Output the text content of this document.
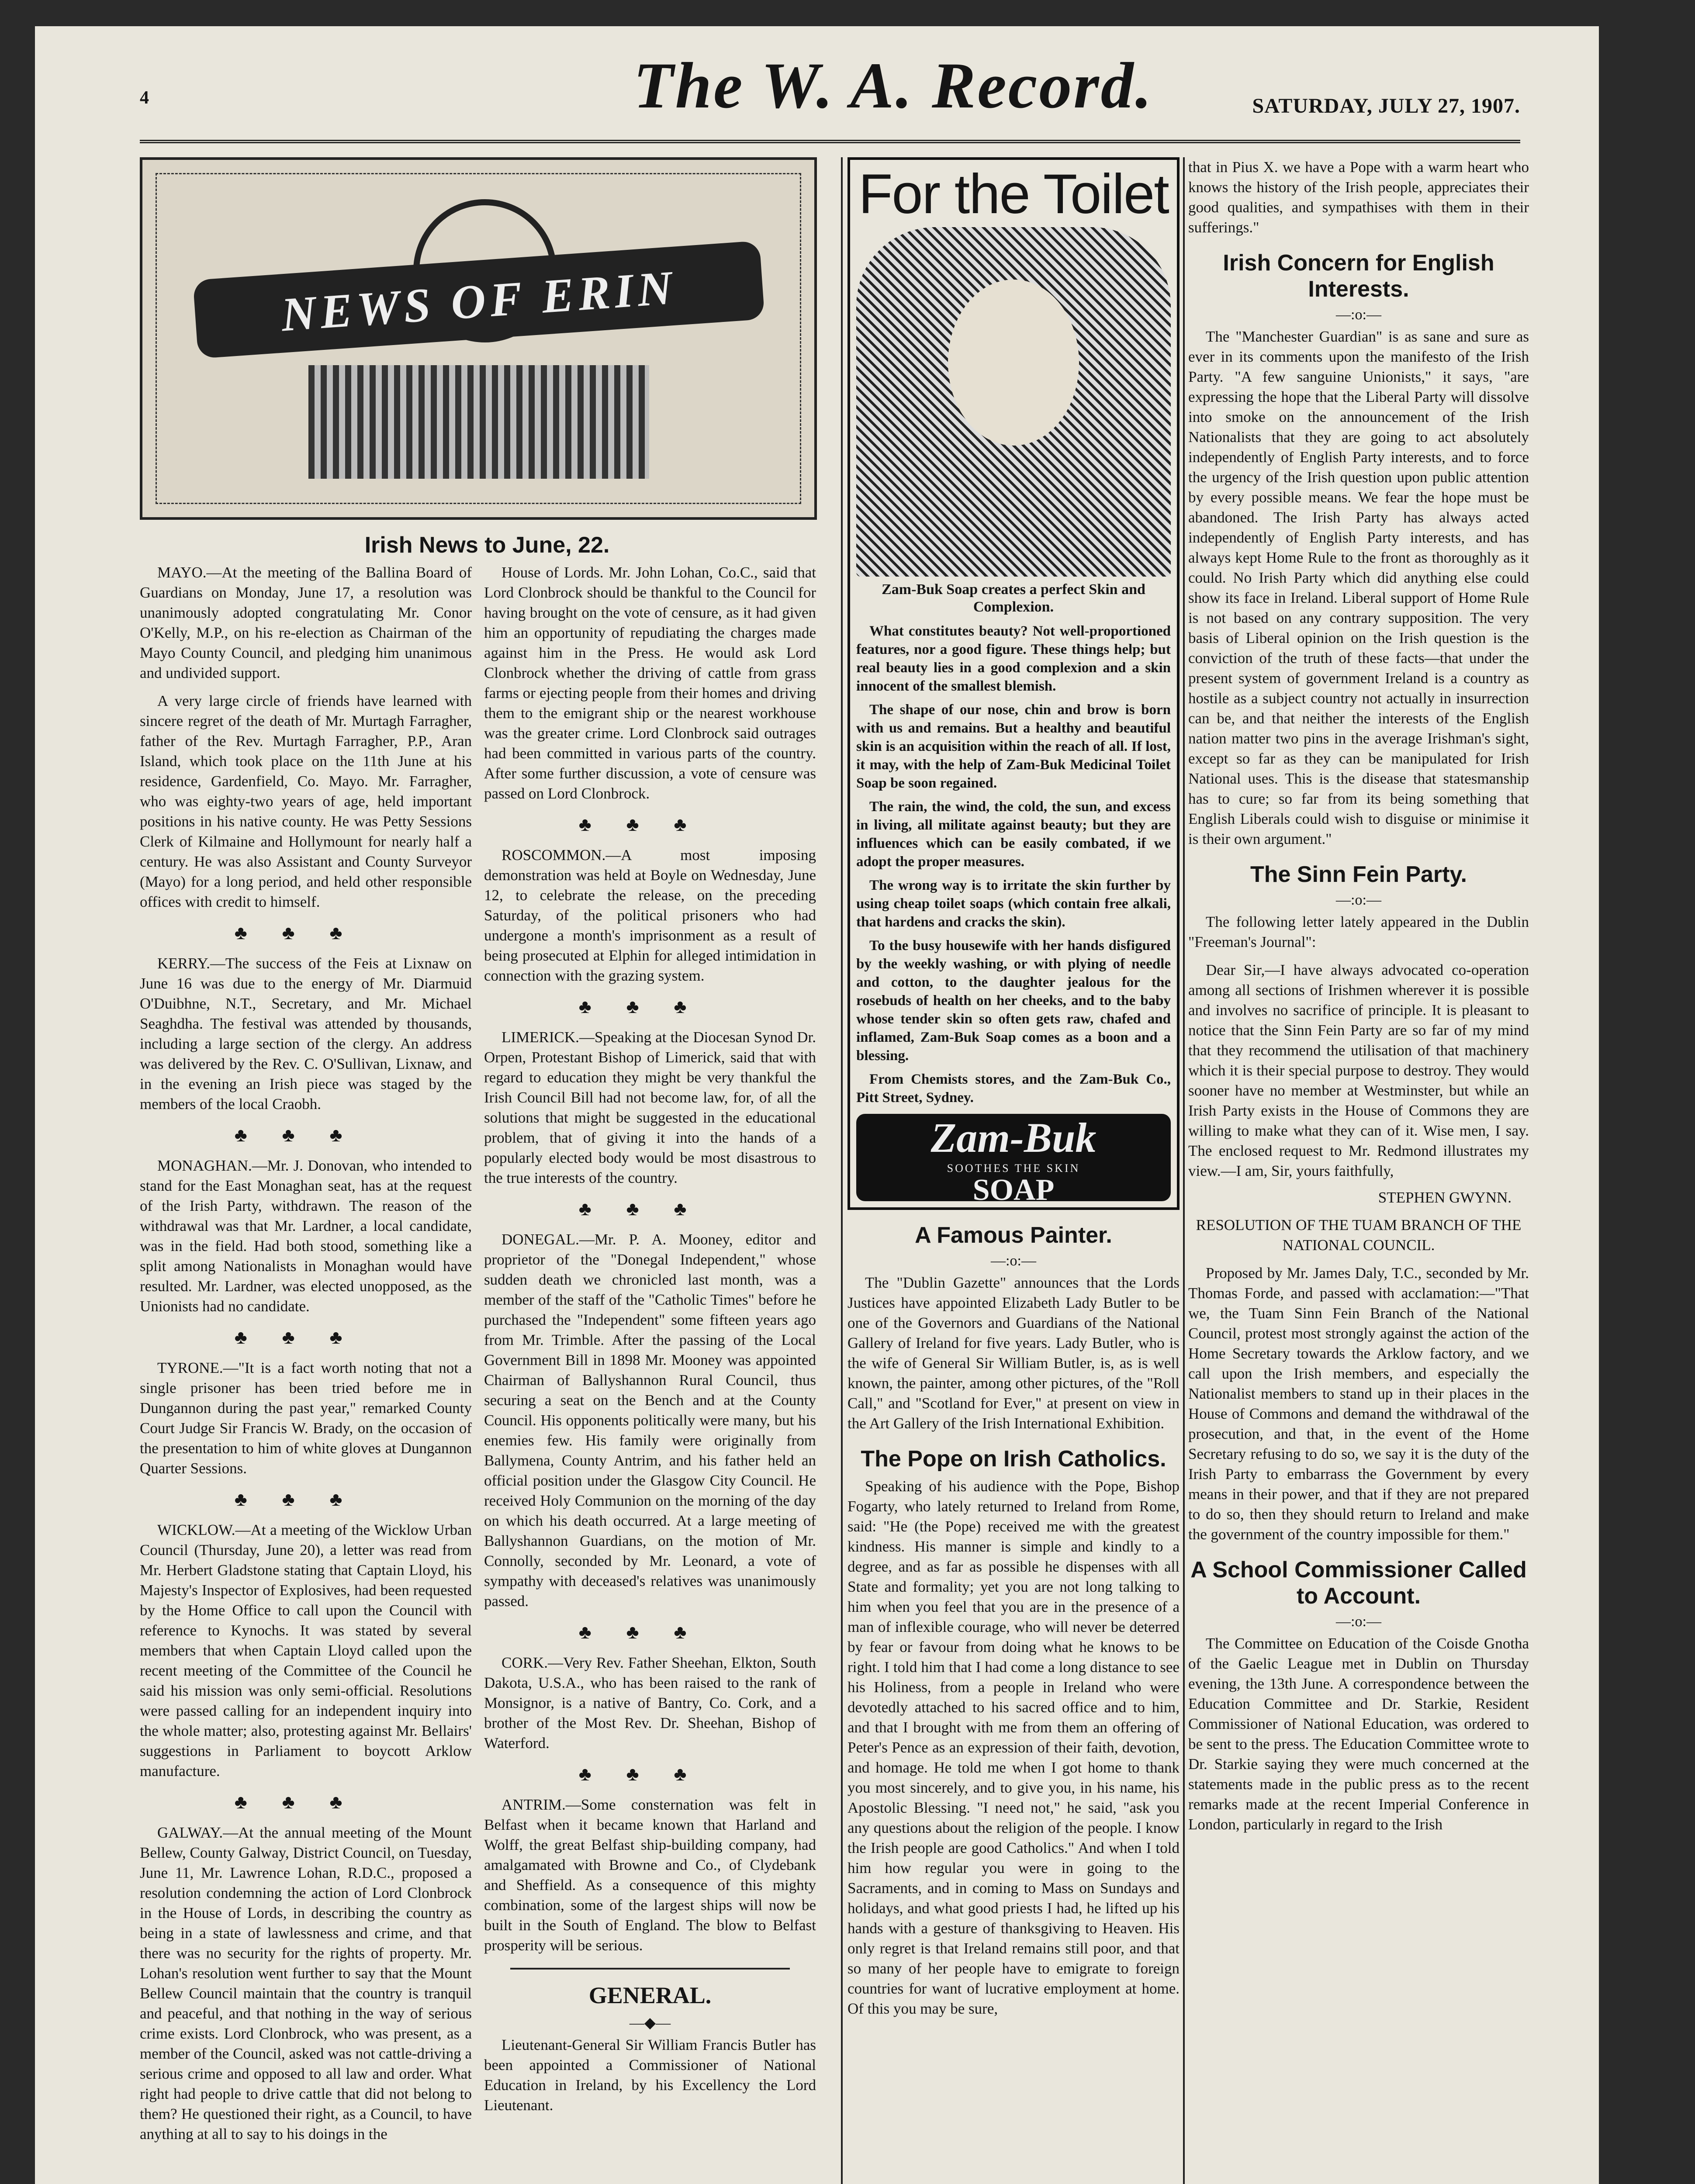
4	The W. A. Record.	SATURDAY, JULY 27, 1907.
NEWS OF ERIN
Irish News to June, 22.

MAYO.—At the meeting of the Ballina Board of Guardians on Monday, June 17, a resolution was unanimously adopted congratulating Mr. Conor O'Kelly, M.P., on his re-election as Chairman of the Mayo County Council, and pledging him unanimous and undivided support.

A very large circle of friends have learned with sincere regret of the death of Mr. Murtagh Farragher, father of the Rev. Murtagh Farragher, P.P., Aran Island, which took place on the 11th June at his residence, Gardenfield, Co. Mayo. Mr. Farragher, who was eighty-two years of age, held important positions in his native county. He was Petty Sessions Clerk of Kilmaine and Hollymount for nearly half a century. He was also Assistant and County Surveyor (Mayo) for a long period, and held other responsible offices with credit to himself.

♣♣♣

KERRY.—The success of the Feis at Lixnaw on June 16 was due to the energy of Mr. Diarmuid O'Duibhne, N.T., Secretary, and Mr. Michael Seaghdha. The festival was attended by thousands, including a large section of the clergy. An address was delivered by the Rev. C. O'Sullivan, Lixnaw, and in the evening an Irish piece was staged by the members of the local Craobh.

♣♣♣

MONAGHAN.—Mr. J. Donovan, who intended to stand for the East Monaghan seat, has at the request of the Irish Party, withdrawn. The reason of the withdrawal was that Mr. Lardner, a local candidate, was in the field. Had both stood, something like a split among Nationalists in Monaghan would have resulted. Mr. Lardner, was elected unopposed, as the Unionists had no candidate.

♣♣♣

TYRONE.—"It is a fact worth noting that not a single prisoner has been tried before me in Dungannon during the past year," remarked County Court Judge Sir Francis W. Brady, on the occasion of the presentation to him of white gloves at Dungannon Quarter Sessions.

♣♣♣

WICKLOW.—At a meeting of the Wicklow Urban Council (Thursday, June 20), a letter was read from Mr. Herbert Gladstone stating that Captain Lloyd, his Majesty's Inspector of Explosives, had been requested by the Home Office to call upon the Council with reference to Kynochs. It was stated by several members that when Captain Lloyd called upon the recent meeting of the Committee of the Council he said his mission was only semi-official. Resolutions were passed calling for an independent inquiry into the whole matter; also, protesting against Mr. Bellairs' suggestions in Parliament to boycott Arklow manufacture.

♣♣♣

GALWAY.—At the annual meeting of the Mount Bellew, County Galway, District Council, on Tuesday, June 11, Mr. Lawrence Lohan, R.D.C., proposed a resolution condemning the action of Lord Clonbrock in the House of Lords, in describing the country as being in a state of lawlessness and crime, and that there was no security for the rights of property. Mr. Lohan's resolution went further to say that the Mount Bellew Council maintain that the country is tranquil and peaceful, and that nothing in the way of serious crime exists. Lord Clonbrock, who was present, as a member of the Council, asked was not cattle-driving a serious crime and opposed to all law and order. What right had people to drive cattle that did not belong to them? He questioned their right, as a Council, to have anything at all to say to his doings in the

House of Lords. Mr. John Lohan, Co.C., said that Lord Clonbrock should be thankful to the Council for having brought on the vote of censure, as it had given him an opportunity of repudiating the charges made against him in the Press. He would ask Lord Clonbrock whether the driving of cattle from grass farms or ejecting people from their homes and driving them to the emigrant ship or the nearest workhouse was the greater crime. Lord Clonbrock said outrages had been committed in various parts of the country. After some further discussion, a vote of censure was passed on Lord Clonbrock.

♣♣♣

ROSCOMMON.—A most imposing demonstration was held at Boyle on Wednesday, June 12, to celebrate the release, on the preceding Saturday, of the political prisoners who had undergone a month's imprisonment as a result of being prosecuted at Elphin for alleged intimidation in connection with the grazing system.

♣♣♣

LIMERICK.—Speaking at the Diocesan Synod Dr. Orpen, Protestant Bishop of Limerick, said that with regard to education they might be very thankful the Irish Council Bill had not become law, for, of all the solutions that might be suggested in the educational problem, that of giving it into the hands of a popularly elected body would be most disastrous to the true interests of the country.

♣♣♣

DONEGAL.—Mr. P. A. Mooney, editor and proprietor of the "Donegal Independent," whose sudden death we chronicled last month, was a member of the staff of the "Catholic Times" before he purchased the "Independent" some fifteen years ago from Mr. Trimble. After the passing of the Local Government Bill in 1898 Mr. Mooney was appointed Chairman of Ballyshannon Rural Council, thus securing a seat on the Bench and at the County Council. His opponents politically were many, but his enemies few. His family were originally from Ballymena, County Antrim, and his father held an official position under the Glasgow City Council. He received Holy Communion on the morning of the day on which his death occurred. At a large meeting of Ballyshannon Guardians, on the motion of Mr. Connolly, seconded by Mr. Leonard, a vote of sympathy with deceased's relatives was unanimously passed.

♣♣♣

CORK.—Very Rev. Father Sheehan, Elkton, South Dakota, U.S.A., who has been raised to the rank of Monsignor, is a native of Bantry, Co. Cork, and a brother of the Most Rev. Dr. Sheehan, Bishop of Waterford.

♣♣♣

ANTRIM.—Some consternation was felt in Belfast when it became known that Harland and Wolff, the great Belfast ship-building company, had amalgamated with Browne and Co., of Clydebank and Sheffield. As a consequence of this mighty combination, some of the largest ships will now be built in the South of England. The blow to Belfast prosperity will be serious.

GENERAL.
—◆—

Lieutenant-General Sir William Francis Butler has been appointed a Commissioner of National Education in Ireland, by his Excellency the Lord Lieutenant.

For the Toilet
Zam-Buk Soap creates a perfect Skin and Complexion.

What constitutes beauty? Not well-proportioned features, nor a good figure. These things help; but real beauty lies in a good complexion and a skin innocent of the smallest blemish.

The shape of our nose, chin and brow is born with us and remains. But a healthy and beautiful skin is an acquisition within the reach of all. If lost, it may, with the help of Zam-Buk Medicinal Toilet Soap be soon regained.

The rain, the wind, the cold, the sun, and excess in living, all militate against beauty; but they are influences which can be easily combated, if we adopt the proper measures.

The wrong way is to irritate the skin further by using cheap toilet soaps (which contain free alkali, that hardens and cracks the skin).

To the busy housewife with her hands disfigured by the weekly washing, or with plying of needle and cotton, to the daughter jealous for the rosebuds of health on her cheeks, and to the baby whose tender skin so often gets raw, chafed and inflamed, Zam-Buk Soap comes as a boon and a blessing.

From Chemists stores, and the Zam-Buk Co., Pitt Street, Sydney.

Zam-Buk
SOOTHES THE SKIN
SOAP
A Famous Painter.
—:o:—

The "Dublin Gazette" announces that the Lords Justices have appointed Elizabeth Lady Butler to be one of the Governors and Guardians of the National Gallery of Ireland for five years. Lady Butler, who is the wife of General Sir William Butler, is, as is well known, the painter, among other pictures, of the "Roll Call," and "Scotland for Ever," at present on view in the Art Gallery of the Irish International Exhibition.

The Pope on Irish Catholics.

Speaking of his audience with the Pope, Bishop Fogarty, who lately returned to Ireland from Rome, said: "He (the Pope) received me with the greatest kindness. His manner is simple and kindly to a degree, and as far as possible he dispenses with all State and formality; yet you are not long talking to him when you feel that you are in the presence of a man of inflexible courage, who will never be deterred by fear or favour from doing what he knows to be right. I told him that I had come a long distance to see his Holiness, from a people in Ireland who were devotedly attached to his sacred office and to him, and that I brought with me from them an offering of Peter's Pence as an expression of their faith, devotion, and homage. He told me when I got home to thank you most sincerely, and to give you, in his name, his Apostolic Blessing. "I need not," he said, "ask you any questions about the religion of the people. I know the Irish people are good Catholics." And when I told him how regular you were in going to the Sacraments, and in coming to Mass on Sundays and holidays, and what good priests I had, he lifted up his hands with a gesture of thanksgiving to Heaven. His only regret is that Ireland remains still poor, and that so many of her people have to emigrate to foreign countries for want of lucrative employment at home. Of this you may be sure,

that in Pius X. we have a Pope with a warm heart who knows the history of the Irish people, appreciates their good qualities, and sympathises with them in their sufferings."

Irish Concern for English Interests.
—:o:—

The "Manchester Guardian" is as sane and sure as ever in its comments upon the manifesto of the Irish Party. "A few sanguine Unionists," it says, "are expressing the hope that the Liberal Party will dissolve into smoke on the announcement of the Irish Nationalists that they are going to act absolutely independently of English Party interests, and to force the urgency of the Irish question upon public attention by every possible means. We fear the hope must be abandoned. The Irish Party has always acted independently of English Party interests, and has always kept Home Rule to the front as thoroughly as it could. No Irish Party which did anything else could show its face in Ireland. Liberal support of Home Rule is not based on any contrary supposition. The very basis of Liberal opinion on the Irish question is the conviction of the truth of these facts—that under the present system of government Ireland is a country as hostile as a subject country not actually in insurrection can be, and that neither the interests of the English nation matter two pins in the average Irishman's sight, except so far as they can be manipulated for Irish National uses. This is the disease that statesmanship has to cure; so far from its being something that English Liberals could wish to disguise or minimise it is their own argument."

The Sinn Fein Party.
—:o:—

The following letter lately appeared in the Dublin "Freeman's Journal":

Dear Sir,—I have always advocated co-operation among all sections of Irishmen wherever it is possible and involves no sacrifice of principle. It is pleasant to notice that the Sinn Fein Party are so far of my mind that they recommend the utilisation of that machinery which it is their special purpose to destroy. They would sooner have no member at Westminster, but while an Irish Party exists in the House of Commons they are willing to make what they can of it. Wise men, I say. The enclosed request to Mr. Redmond illustrates my view.—I am, Sir, yours faithfully,

STEPHEN GWYNN.

RESOLUTION OF THE TUAM BRANCH OF THE NATIONAL COUNCIL.

Proposed by Mr. James Daly, T.C., seconded by Mr. Thomas Forde, and passed with acclamation:—"That we, the Tuam Sinn Fein Branch of the National Council, protest most strongly against the action of the Home Secretary towards the Arklow factory, and we call upon the Irish members, and especially the Nationalist members to stand up in their places in the House of Commons and demand the withdrawal of the prosecution, and that, in the event of the Home Secretary refusing to do so, we say it is the duty of the Irish Party to embarrass the Government by every means in their power, and that if they are not prepared to do so, then they should return to Ireland and make the government of the country impossible for them."

A School Commissioner Called to Account.
—:o:—

The Committee on Education of the Coisde Gnotha of the Gaelic League met in Dublin on Thursday evening, the 13th June. A correspondence between the Education Committee and Dr. Starkie, Resident Commissioner of National Education, was ordered to be sent to the press. The Education Committee wrote to Dr. Starkie saying they were much concerned at the statements made in the public press as to the recent remarks made at the recent Imperial Conference in London, particularly in regard to the Irish
